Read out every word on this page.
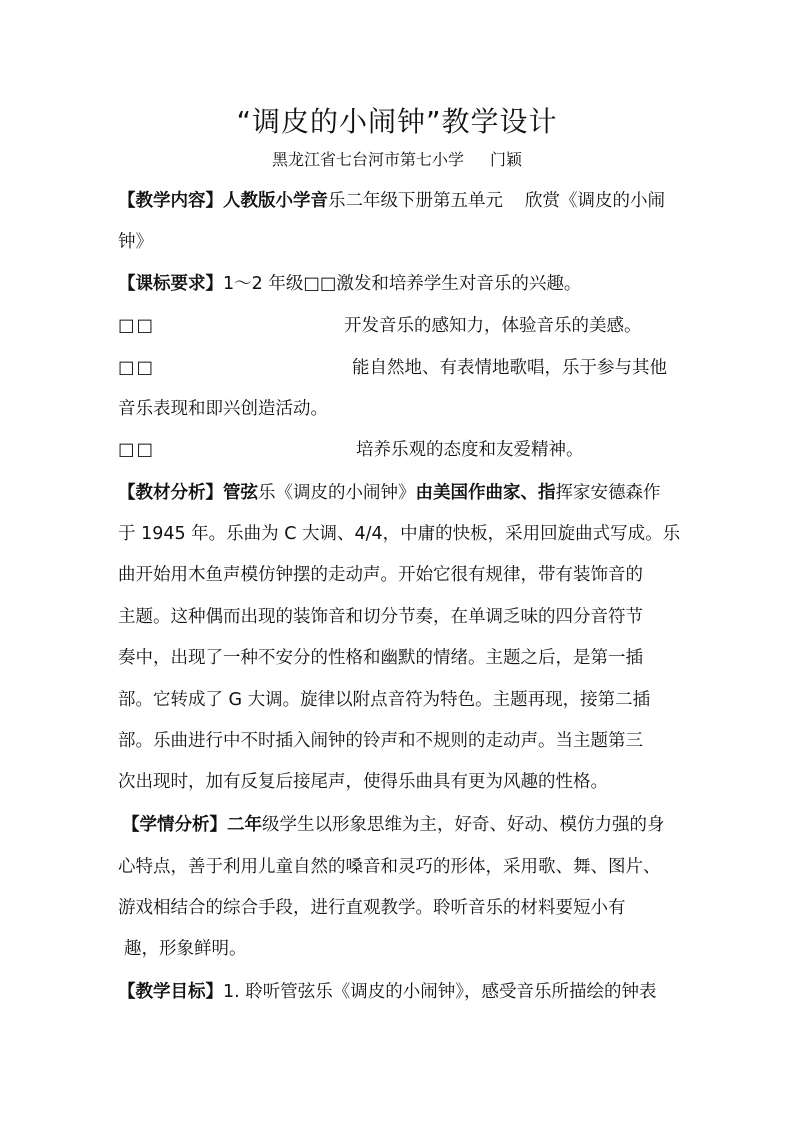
“调皮的小闹钟”教学设计
黑龙江省七台河市第七小学 门颖
【教学内容】人教版小学音乐二年级下册第五单元 欣赏《调皮的小闹
钟》
【课标要求】1～2 年级□□激发和培养学生对音乐的兴趣。
□□	开发音乐的感知力，体验音乐的美感。
□□	能自然地、有表情地歌唱，乐于参与其他
音乐表现和即兴创造活动。
□□	培养乐观的态度和友爱精神。
【教材分析】管弦乐《调皮的小闹钟》由美国作曲家、指挥家安德森作
于 1945 年。乐曲为 C 大调、4/4，中庸的快板，采用回旋曲式写成。乐
曲开始用木鱼声模仿钟摆的走动声。开始它很有规律，带有装饰音的
主题。这种偶而出现的装饰音和切分节奏，在单调乏味的四分音符节
奏中，出现了一种不安分的性格和幽默的情绪。主题之后，是第一插
部。它转成了 G 大调。旋律以附点音符为特色。主题再现，接第二插
部。乐曲进行中不时插入闹钟的铃声和不规则的走动声。当主题第三
次出现时，加有反复后接尾声，使得乐曲具有更为风趣的性格。
【学情分析】二年级学生以形象思维为主，好奇、好动、模仿力强的身
心特点，善于利用儿童自然的嗓音和灵巧的形体，采用歌、舞、图片、
游戏相结合的综合手段，进行直观教学。聆听音乐的材料要短小有
趣，形象鲜明。
【教学目标】1. 聆听管弦乐《调皮的小闹钟》，感受音乐所描绘的钟表
